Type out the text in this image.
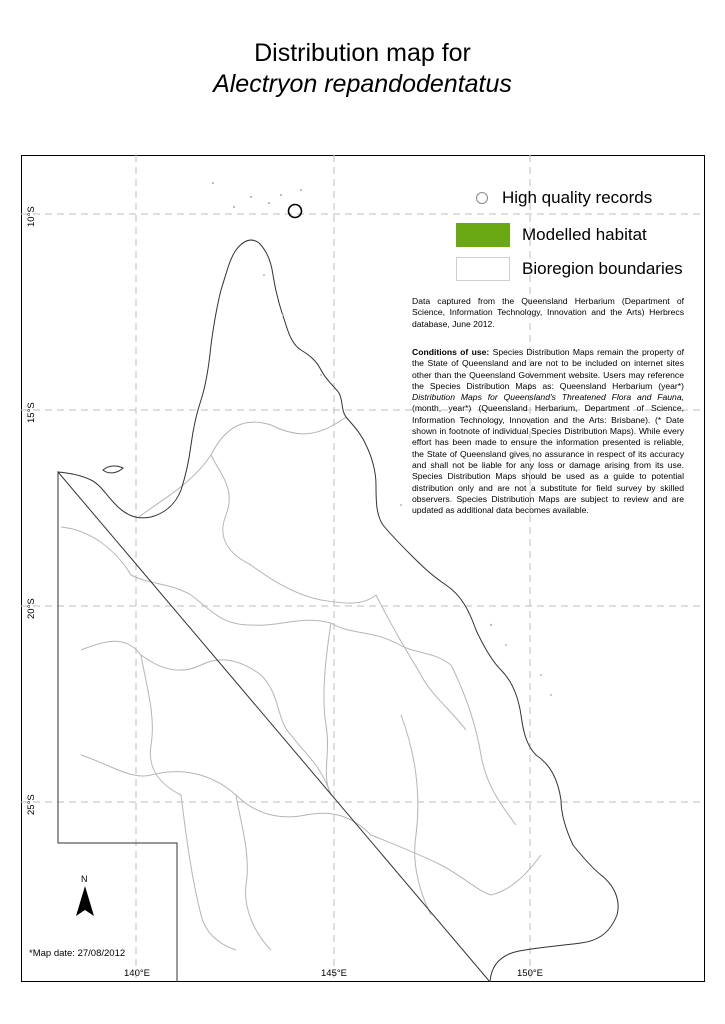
Distribution map for
Alectryon repandodentatus
High quality records
Modelled habitat
Bioregion boundaries
Data captured from the Queensland Herbarium (Department of Science, Information Technology, Innovation and the Arts) Herbrecs database, June 2012.
Conditions of use: Species Distribution Maps remain the property of the State of Queensland and are not to be included on internet sites other than the Queensland Government website. Users may reference the Species Distribution Maps as: Queensland Herbarium (year*) Distribution Maps for Queensland's Threatened Flora and Fauna, (month, year*) (Queensland Herbarium, Department of Science, Information Technology, Innovation and the Arts: Brisbane). (* Date shown in footnote of individual Species Distribution Maps). While every effort has been made to ensure the information presented is reliable, the State of Queensland gives no assurance in respect of its accuracy and shall not be liable for any loss or damage arising from its use. Species Distribution Maps should be used as a guide to potential distribution only and are not a substitute for field survey by skilled observers. Species Distribution Maps are subject to review and are updated as additional data becomes available.
N
*Map date: 27/08/2012
140°E	145°E	150°E
10°S
15°S
20°S
25°S
